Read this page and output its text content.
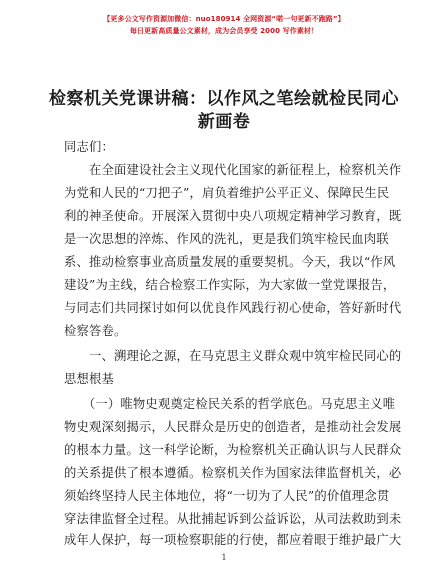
【更多公文写作资源加微信：nuo180914 全网资源“喏一句更新不跑路”】
每日更新高质量公文素材，成为会员享受 2000 写作素材！
检察机关党课讲稿：以作风之笔绘就检民同心
新画卷
同志们：
　　在全面建设社会主义现代化国家的新征程上，检察机关作
为党和人民的“刀把子”，肩负着维护公平正义、保障民生民
利的神圣使命。开展深入贯彻中央八项规定精神学习教育，既
是一次思想的淬炼、作风的洗礼，更是我们筑牢检民血肉联
系、推动检察事业高质量发展的重要契机。今天，我以“作风
建设”为主线，结合检察工作实际，为大家做一堂党课报告，
与同志们共同探讨如何以优良作风践行初心使命，答好新时代
检察答卷。
　　一、溯理论之源，在马克思主义群众观中筑牢检民同心的
思想根基
　　（一）唯物史观奠定检民关系的哲学底色。马克思主义唯
物史观深刻揭示，人民群众是历史的创造者，是推动社会发展
的根本力量。这一科学论断，为检察机关正确认识与人民群众
的关系提供了根本遵循。检察机关作为国家法律监督机关，必
须始终坚持人民主体地位，将“一切为了人民”的价值理念贯
穿法律监督全过程。从批捕起诉到公益诉讼，从司法救助到未
成年人保护，每一项检察职能的行使，都应着眼于维护最广大
1
